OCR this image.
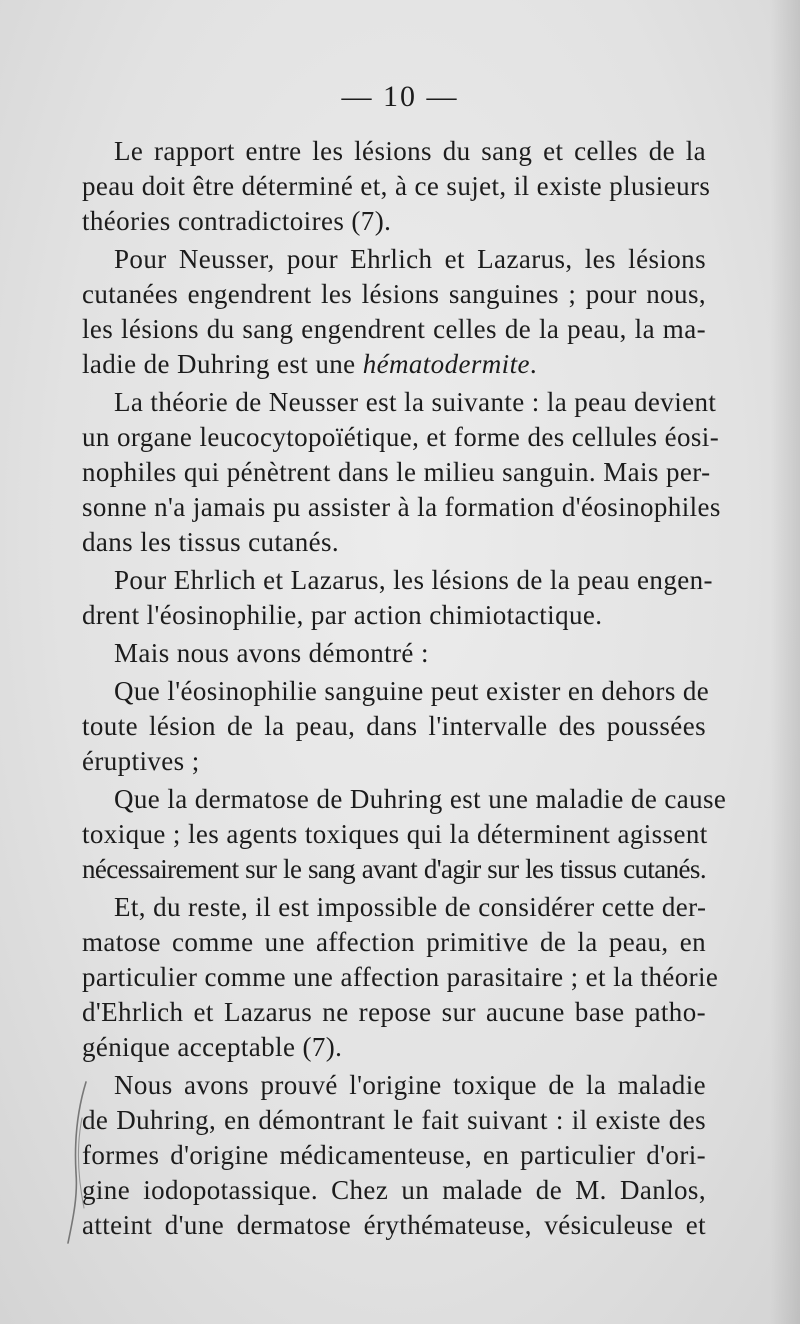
— 10 —

Le rapport entre les lésions du sang et celles de la
peau doit être déterminé et, à ce sujet, il existe plusieurs
théories contradictoires (7).

Pour Neusser, pour Ehrlich et Lazarus, les lésions
cutanées engendrent les lésions sanguines ; pour nous,
les lésions du sang engendrent celles de la peau, la ma-
ladie de Duhring est une hématodermite.

La théorie de Neusser est la suivante : la peau devient
un organe leucocytopoïétique, et forme des cellules éosi-
nophiles qui pénètrent dans le milieu sanguin. Mais per-
sonne n'a jamais pu assister à la formation d'éosinophiles
dans les tissus cutanés.

Pour Ehrlich et Lazarus, les lésions de la peau engen-
drent l'éosinophilie, par action chimiotactique.

Mais nous avons démontré :

Que l'éosinophilie sanguine peut exister en dehors de
toute lésion de la peau, dans l'intervalle des poussées
éruptives ;

Que la dermatose de Duhring est une maladie de cause
toxique ; les agents toxiques qui la déterminent agissent
nécessairement sur le sang avant d'agir sur les tissus cutanés.

Et, du reste, il est impossible de considérer cette der-
matose comme une affection primitive de la peau, en
particulier comme une affection parasitaire ; et la théorie
d'Ehrlich et Lazarus ne repose sur aucune base patho-
génique acceptable (7).

Nous avons prouvé l'origine toxique de la maladie
de Duhring, en démontrant le fait suivant : il existe des
formes d'origine médicamenteuse, en particulier d'ori-
gine iodopotassique. Chez un malade de M. Danlos,
atteint d'une dermatose érythémateuse, vésiculeuse et
